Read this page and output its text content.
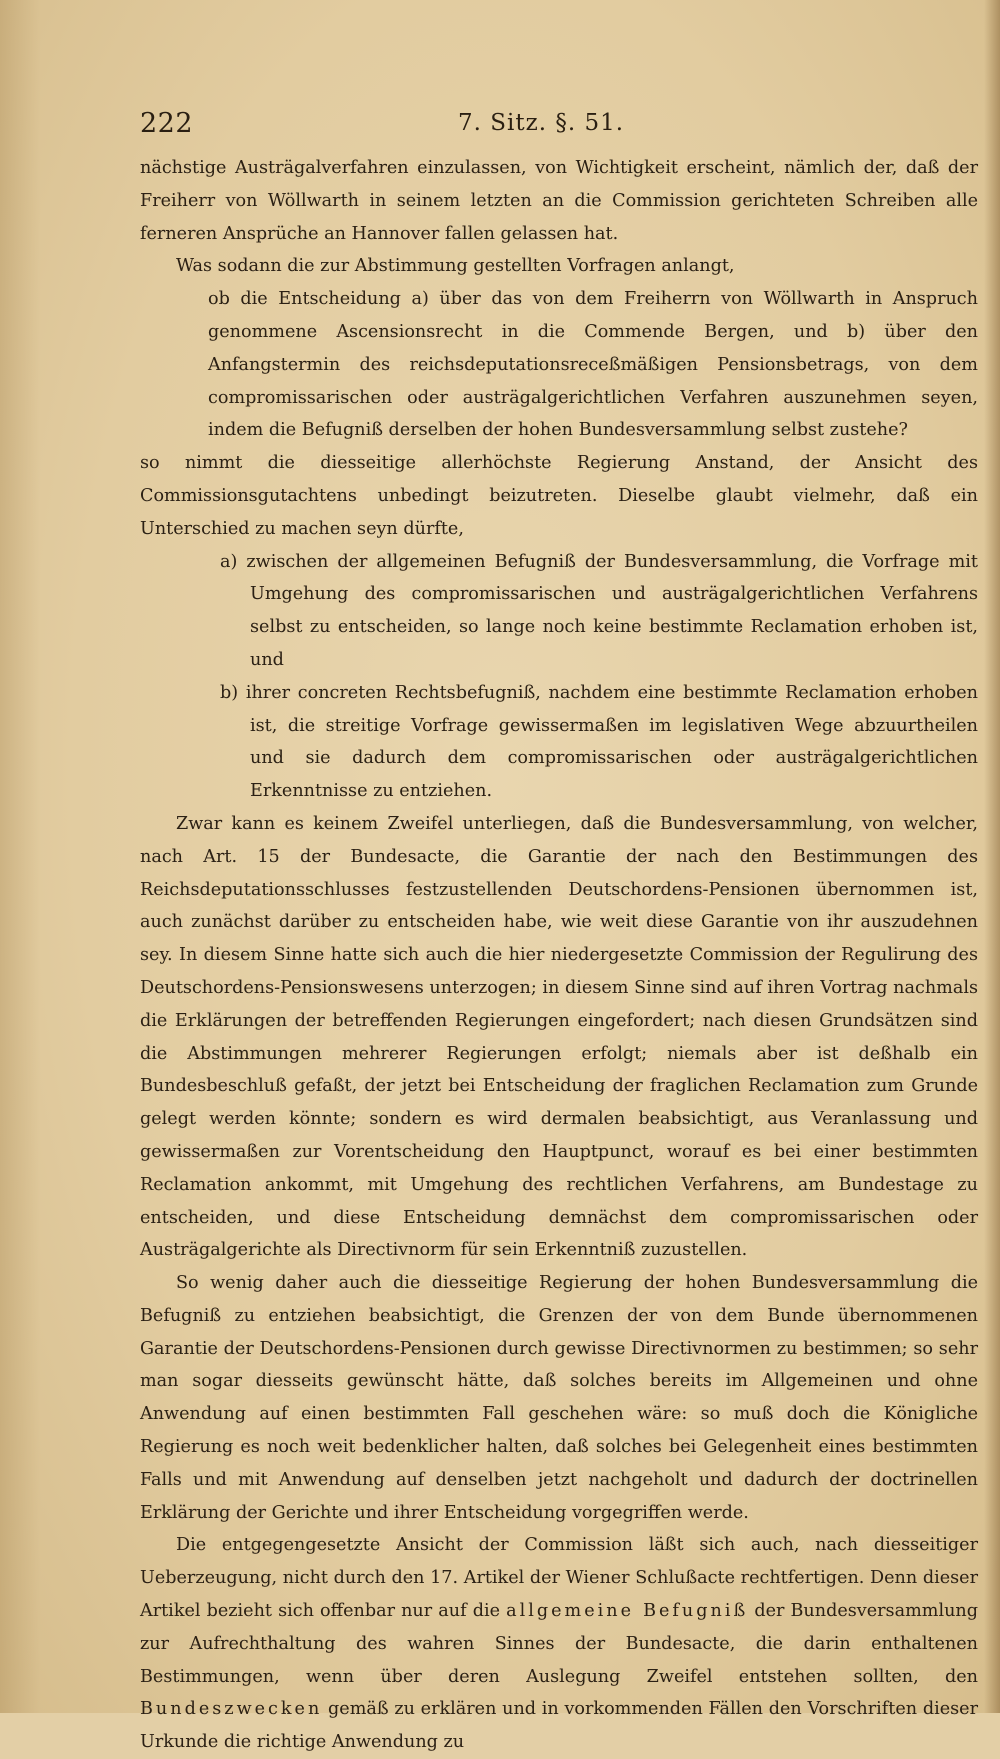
222	7. Sitz. §. 51.

nächstige Austrägalverfahren einzulassen, von Wichtigkeit erscheint, nämlich der, daß der Freiherr von Wöllwarth in seinem letzten an die Commission gerichteten Schreiben alle ferneren Ansprüche an Hannover fallen gelassen hat.

Was sodann die zur Abstimmung gestellten Vorfragen anlangt,

ob die Entscheidung a) über das von dem Freiherrn von Wöllwarth in Anspruch genommene Ascensionsrecht in die Commende Bergen, und b) über den Anfangstermin des reichsdeputationsreceßmäßigen Pensionsbetrags, von dem compromissarischen oder austrägalgerichtlichen Verfahren auszunehmen seyen, indem die Befugniß derselben der hohen Bundesversammlung selbst zustehe?

so nimmt die diesseitige allerhöchste Regierung Anstand, der Ansicht des Commissionsgutachtens unbedingt beizutreten. Dieselbe glaubt vielmehr, daß ein Unterschied zu machen seyn dürfte,

a) zwischen der allgemeinen Befugniß der Bundesversammlung, die Vorfrage mit Umgehung des compromissarischen und austrägalgerichtlichen Verfahrens selbst zu entscheiden, so lange noch keine bestimmte Reclamation erhoben ist, und

b) ihrer concreten Rechtsbefugniß, nachdem eine bestimmte Reclamation erhoben ist, die streitige Vorfrage gewissermaßen im legislativen Wege abzuurtheilen und sie dadurch dem compromissarischen oder austrägalgerichtlichen Erkenntnisse zu entziehen.

Zwar kann es keinem Zweifel unterliegen, daß die Bundesversammlung, von welcher, nach Art. 15 der Bundesacte, die Garantie der nach den Bestimmungen des Reichsdeputationsschlusses festzustellenden Deutschordens-Pensionen übernommen ist, auch zunächst darüber zu entscheiden habe, wie weit diese Garantie von ihr auszudehnen sey. In diesem Sinne hatte sich auch die hier niedergesetzte Commission der Regulirung des Deutschordens-Pensionswesens unterzogen; in diesem Sinne sind auf ihren Vortrag nachmals die Erklärungen der betreffenden Regierungen eingefordert; nach diesen Grundsätzen sind die Abstimmungen mehrerer Regierungen erfolgt; niemals aber ist deßhalb ein Bundesbeschluß gefaßt, der jetzt bei Entscheidung der fraglichen Reclamation zum Grunde gelegt werden könnte; sondern es wird dermalen beabsichtigt, aus Veranlassung und gewissermaßen zur Vorentscheidung den Hauptpunct, worauf es bei einer bestimmten Reclamation ankommt, mit Umgehung des rechtlichen Verfahrens, am Bundestage zu entscheiden, und diese Entscheidung demnächst dem compromissarischen oder Austrägalgerichte als Directivnorm für sein Erkenntniß zuzustellen.

So wenig daher auch die diesseitige Regierung der hohen Bundesversammlung die Befugniß zu entziehen beabsichtigt, die Grenzen der von dem Bunde übernommenen Garantie der Deutschordens-Pensionen durch gewisse Directivnormen zu bestimmen; so sehr man sogar diesseits gewünscht hätte, daß solches bereits im Allgemeinen und ohne Anwendung auf einen bestimmten Fall geschehen wäre: so muß doch die Königliche Regierung es noch weit bedenklicher halten, daß solches bei Gelegenheit eines bestimmten Falls und mit Anwendung auf denselben jetzt nachgeholt und dadurch der doctrinellen Erklärung der Gerichte und ihrer Entscheidung vorgegriffen werde.

Die entgegengesetzte Ansicht der Commission läßt sich auch, nach diesseitiger Ueberzeugung, nicht durch den 17. Artikel der Wiener Schlußacte rechtfertigen. Denn dieser Artikel bezieht sich offenbar nur auf die allgemeine Befugniß der Bundesversammlung zur Aufrechthaltung des wahren Sinnes der Bundesacte, die darin enthaltenen Bestimmungen, wenn über deren Auslegung Zweifel entstehen sollten, den Bundeszwecken gemäß zu erklären und in vorkommenden Fällen den Vorschriften dieser Urkunde die richtige Anwendung zu
